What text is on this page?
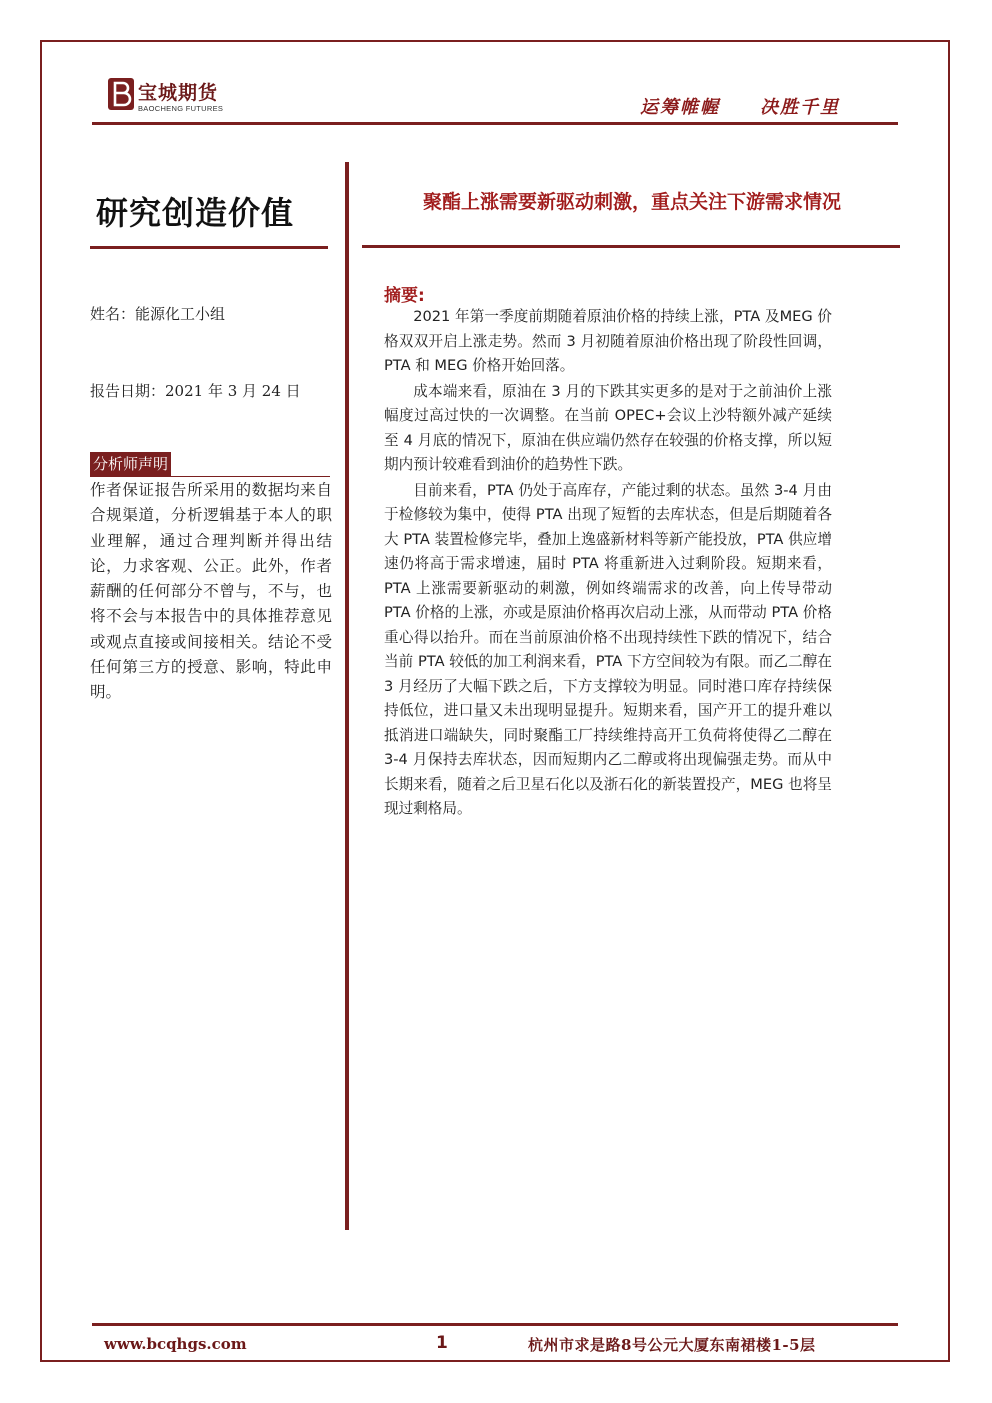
宝城期货
BAOCHENG FUTURES	运筹帷幄 决胜千里
研究创造价值
姓名：能源化工小组
报告日期：2021 年 3 月 24 日
分析师声明
作者保证报告所采用的数据均来自合规渠道，分析逻辑基于本人的职业理解，通过合理判断并得出结论，力求客观、公正。此外，作者薪酬的任何部分不曾与，不与，也将不会与本报告中的具体推荐意见或观点直接或间接相关。结论不受任何第三方的授意、影响，特此申明。
聚酯上涨需要新驱动刺激，重点关注下游需求情况
摘要:

2021 年第一季度前期随着原油价格的持续上涨，PTA 及MEG 价格双双开启上涨走势。然而 3 月初随着原油价格出现了阶段性回调，PTA 和 MEG 价格开始回落。

成本端来看，原油在 3 月的下跌其实更多的是对于之前油价上涨幅度过高过快的一次调整。在当前 OPEC+会议上沙特额外减产延续至 4 月底的情况下，原油在供应端仍然存在较强的价格支撑，所以短期内预计较难看到油价的趋势性下跌。

目前来看，PTA 仍处于高库存，产能过剩的状态。虽然 3-4 月由于检修较为集中，使得 PTA 出现了短暂的去库状态，但是后期随着各大 PTA 装置检修完毕，叠加上逸盛新材料等新产能投放，PTA 供应增速仍将高于需求增速，届时 PTA 将重新进入过剩阶段。短期来看，PTA 上涨需要新驱动的刺激，例如终端需求的改善，向上传导带动 PTA 价格的上涨，亦或是原油价格再次启动上涨，从而带动 PTA 价格重心得以抬升。而在当前原油价格不出现持续性下跌的情况下，结合当前 PTA 较低的加工利润来看，PTA 下方空间较为有限。而乙二醇在 3 月经历了大幅下跌之后，下方支撑较为明显。同时港口库存持续保持低位，进口量又未出现明显提升。短期来看，国产开工的提升难以抵消进口端缺失，同时聚酯工厂持续维持高开工负荷将使得乙二醇在 3-4 月保持去库状态，因而短期内乙二醇或将出现偏强走势。而从中长期来看，随着之后卫星石化以及浙石化的新装置投产，MEG 也将呈现过剩格局。

www.bcqhgs.com	1	杭州市求是路8号公元大厦东南裙楼1-5层
